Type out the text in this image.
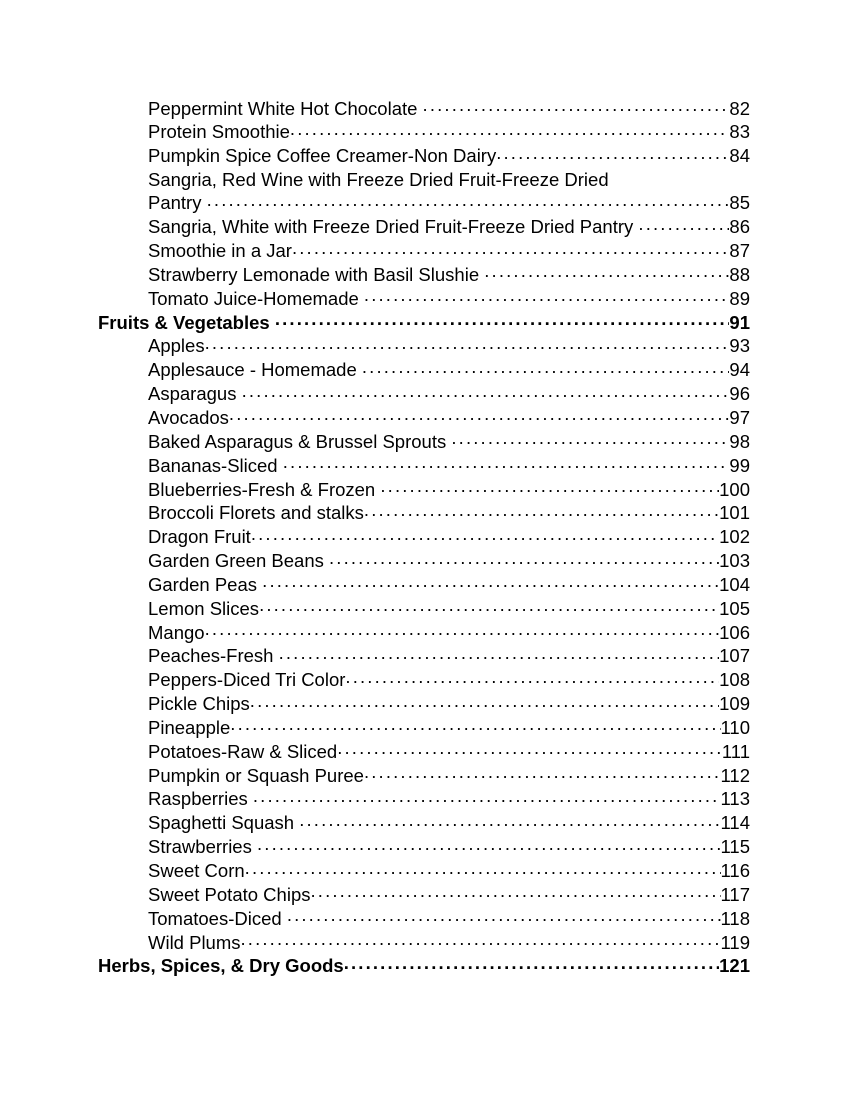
Peppermint White Hot Chocolate .....	82
Protein Smoothie .....	83
Pumpkin Spice Coffee Creamer-Non Dairy .....	84
Sangria, Red Wine with Freeze Dried Fruit-Freeze Dried
Pantry .....	85
Sangria, White with Freeze Dried Fruit-Freeze Dried Pantry .....	86
Smoothie in a Jar .....	87
Strawberry Lemonade with Basil Slushie .....	88
Tomato Juice-Homemade .....	89
Fruits & Vegetables .....	91
Apples .....	93
Applesauce - Homemade .....	94
Asparagus .....	96
Avocados .....	97
Baked Asparagus & Brussel Sprouts .....	98
Bananas-Sliced .....	99
Blueberries-Fresh & Frozen .....	100
Broccoli Florets and stalks .....	101
Dragon Fruit .....	102
Garden Green Beans .....	103
Garden Peas .....	104
Lemon Slices .....	105
Mango .....	106
Peaches-Fresh .....	107
Peppers-Diced Tri Color .....	108
Pickle Chips .....	109
Pineapple .....	110
Potatoes-Raw & Sliced .....	111
Pumpkin or Squash Puree .....	112
Raspberries .....	113
Spaghetti Squash .....	114
Strawberries .....	115
Sweet Corn .....	116
Sweet Potato Chips .....	117
Tomatoes-Diced .....	118
Wild Plums .....	119
Herbs, Spices, & Dry Goods .....	121
